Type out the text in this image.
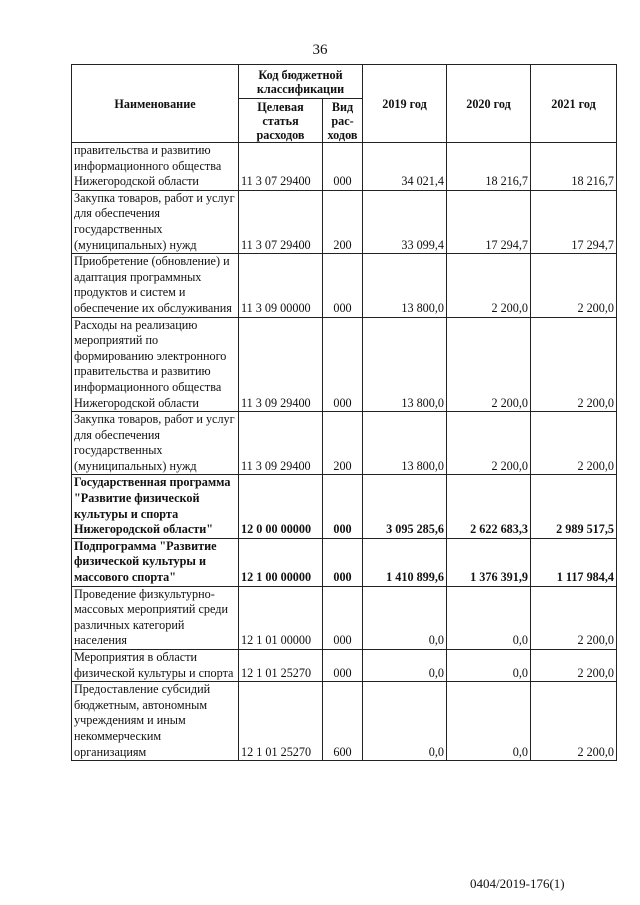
36
Наименование	Код бюджетной классификации		2019 год	2020 год	2021 год
	Целевая статья расходов	Вид рас-ходов			
правительства и развитию информационного общества Нижегородской области	11 3 07 29400	000	34 021,4	18 216,7	18 216,7
Закупка товаров, работ и услуг для обеспечения государственных (муниципальных) нужд	11 3 07 29400	200	33 099,4	17 294,7	17 294,7
Приобретение (обновление) и адаптация программных продуктов и систем и обеспечение их обслуживания	11 3 09 00000	000	13 800,0	2 200,0	2 200,0
Расходы на реализацию мероприятий по формированию электронного правительства и развитию информационного общества Нижегородской области	11 3 09 29400	000	13 800,0	2 200,0	2 200,0
Закупка товаров, работ и услуг для обеспечения государственных (муниципальных) нужд	11 3 09 29400	200	13 800,0	2 200,0	2 200,0
Государственная программа "Развитие физической культуры и спорта Нижегородской области"	12 0 00 00000	000	3 095 285,6	2 622 683,3	2 989 517,5
Подпрограмма "Развитие физической культуры и массового спорта"	12 1 00 00000	000	1 410 899,6	1 376 391,9	1 117 984,4
Проведение физкультурно-массовых мероприятий среди различных категорий населения	12 1 01 00000	000	0,0	0,0	2 200,0
Мероприятия в области физической культуры и спорта	12 1 01 25270	000	0,0	0,0	2 200,0
Предоставление субсидий бюджетным, автономным учреждениям и иным некоммерческим организациям	12 1 01 25270	600	0,0	0,0	2 200,0
0404/2019-176(1)
